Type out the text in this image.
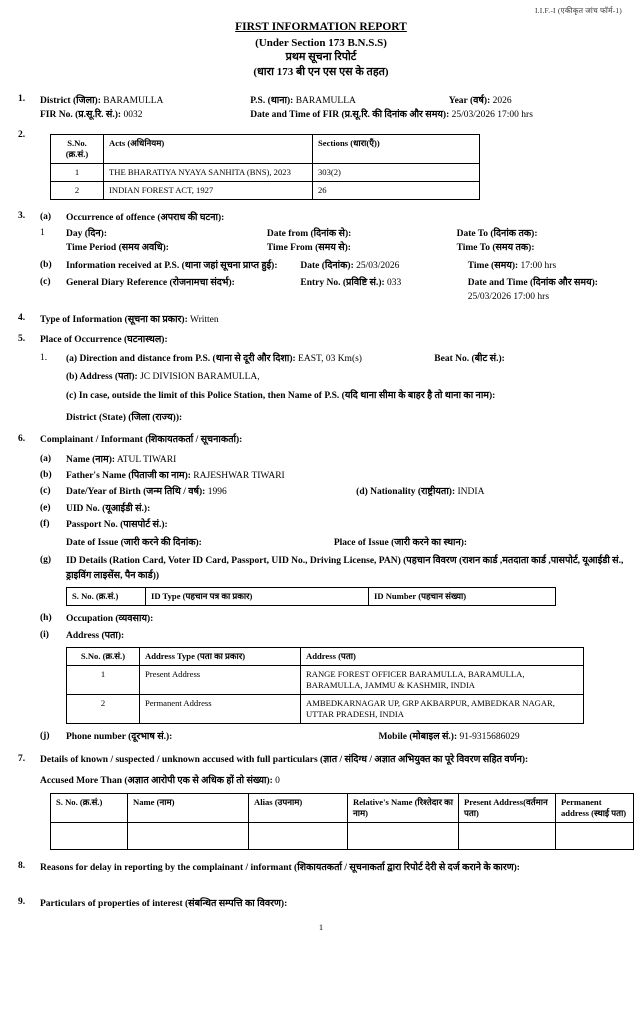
I.I.F.-I (एकीकृत जांच फॉर्म-1)
FIRST INFORMATION REPORT
(Under Section 173 B.N.S.S)
प्रथम सूचना रिपोर्ट
(धारा 173 बी एन एस एस के तहत)
1.	District (जिला): BARAMULLA	P.S. (थाना): BARAMULLA	Year (वर्ष): 2026
FIR No. (प्र.सू.रि. सं.): 0032	Date and Time of FIR (प्र.सू.रि. की दिनांक और समय): 25/03/2026 17:00 hrs
2.
S.No. (क्र.सं.)	Acts (अधिनियम)	Sections (धारा(एँ))
1	THE BHARATIYA NYAYA SANHITA (BNS), 2023	303(2)
2	INDIAN FOREST ACT, 1927	26
3.	(a)	Occurrence of offence (अपराध की घटना):
1	Day (दिन):	Date from (दिनांक से):	Date To (दिनांक तक):
Time Period (समय अवधि):	Time From (समय से):	Time To (समय तक):
(b)	Information received at P.S. (थाना जहां सूचना प्राप्त हुई):	Date (दिनांक): 25/03/2026	Time (समय): 17:00 hrs
(c)	General Diary Reference (रोजनामचा संदर्भ):	Entry No. (प्रविष्टि सं.): 033	Date and Time (दिनांक और समय): 25/03/2026 17:00 hrs
4.	Type of Information (सूचना का प्रकार): Written
5.	Place of Occurrence (घटनास्थल):
1.	(a) Direction and distance from P.S. (थाना से दूरी और दिशा): EAST, 03 Km(s)	Beat No. (बीट सं.):
(b) Address (पता): JC DIVISION BARAMULLA,
(c) In case, outside the limit of this Police Station, then Name of P.S. (यदि थाना सीमा के बाहर है तो थाना का नाम):
District (State) (जिला (राज्य)):
6.	Complainant / Informant (शिकायतकर्ता / सूचनाकर्ता):
(a)	Name (नाम): ATUL TIWARI
(b)	Father's Name (पिताजी का नाम): RAJESHWAR TIWARI
(c)	Date/Year of Birth (जन्म तिथि / वर्ष): 1996	(d) Nationality (राष्ट्रीयता): INDIA
(e)	UID No. (यूआईडी सं.):
(f)	Passport No. (पासपोर्ट सं.):
Date of Issue (जारी करने की दिनांक):	Place of Issue (जारी करने का स्थान):
(g)	ID Details (Ration Card, Voter ID Card, Passport, UID No., Driving License, PAN) (पहचान विवरण (राशन कार्ड ,मतदाता कार्ड ,पासपोर्ट, यूआईडी सं., ड्राइविंग लाइसेंस, पैन कार्ड))
S. No. (क्र.सं.)	ID Type (पहचान पत्र का प्रकार)	ID Number (पहचान संख्या)
(h)	Occupation (व्यवसाय):
(i)	Address (पता):
S.No. (क्र.सं.)	Address Type (पता का प्रकार)	Address (पता)
1	Present Address	RANGE FOREST OFFICER BARAMULLA, BARAMULLA, BARAMULLA, JAMMU & KASHMIR, INDIA
2	Permanent Address	AMBEDKARNAGAR UP, GRP AKBARPUR, AMBEDKAR NAGAR, UTTAR PRADESH, INDIA
(j)	Phone number (दूरभाष सं.):	Mobile (मोबाइल सं.): 91-9315686029
7.	Details of known / suspected / unknown accused with full particulars (ज्ञात / संदिग्ध / अज्ञात अभियुक्त का पूरे विवरण सहित वर्णन):
Accused More Than (अज्ञात आरोपी एक से अधिक हों तो संख्या): 0
S. No. (क्र.सं.)	Name (नाम)	Alias (उपनाम)	Relative's Name (रिश्तेदार का नाम)	Present Address(वर्तमान पता)	Permanent address (स्थाई पता)

8.	Reasons for delay in reporting by the complainant / informant (शिकायतकर्ता / सूचनाकर्ता द्वारा रिपोर्ट देरी से दर्ज कराने के कारण):
9.	Particulars of properties of interest (संबन्धित सम्पत्ति का विवरण):
1
